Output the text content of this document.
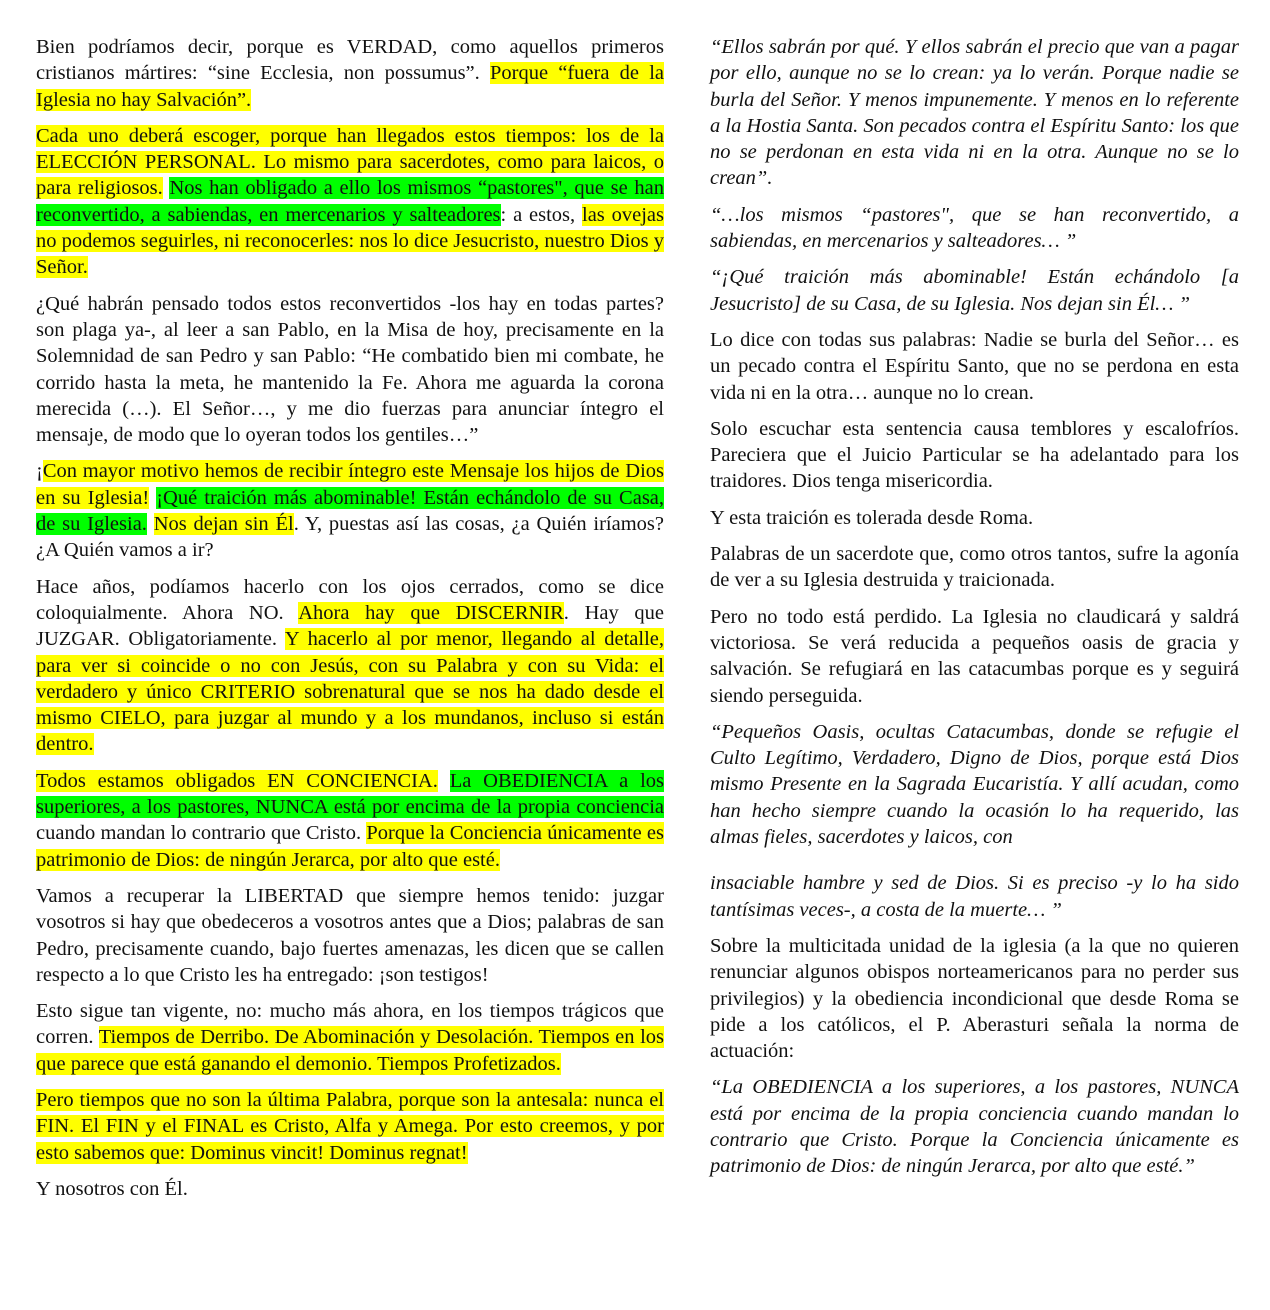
Bien podríamos decir, porque es VERDAD, como aquellos primeros cristianos mártires: “sine Ecclesia, non possumus”. Porque “fuera de la Iglesia no hay Salvación”.

Cada uno deberá escoger, porque han llegados estos tiempos: los de la ELECCIÓN PERSONAL. Lo mismo para sacerdotes, como para laicos, o para religiosos. Nos han obligado a ello los mismos “pastores", que se han reconvertido, a sabiendas, en mercenarios y salteadores: a estos, las ovejas no podemos seguirles, ni reconocerles: nos lo dice Jesucristo, nuestro Dios y Señor.

¿Qué habrán pensado todos estos reconvertidos -los hay en todas partes? son plaga ya-, al leer a san Pablo, en la Misa de hoy, precisamente en la Solemnidad de san Pedro y san Pablo: “He combatido bien mi combate, he corrido hasta la meta, he mantenido la Fe. Ahora me aguarda la corona merecida (…). El Señor…, y me dio fuerzas para anunciar íntegro el mensaje, de modo que lo oyeran todos los gentiles…”

¡Con mayor motivo hemos de recibir íntegro este Mensaje los hijos de Dios en su Iglesia! ¡Qué traición más abominable! Están echándolo de su Casa, de su Iglesia. Nos dejan sin Él. Y, puestas así las cosas, ¿a Quién iríamos? ¿A Quién vamos a ir?

Hace años, podíamos hacerlo con los ojos cerrados, como se dice coloquialmente. Ahora NO. Ahora hay que DISCERNIR. Hay que JUZGAR. Obligatoriamente. Y hacerlo al por menor, llegando al detalle, para ver si coincide o no con Jesús, con su Palabra y con su Vida: el verdadero y único CRITERIO sobrenatural que se nos ha dado desde el mismo CIELO, para juzgar al mundo y a los mundanos, incluso si están dentro.

Todos estamos obligados EN CONCIENCIA. La OBEDIENCIA a los superiores, a los pastores, NUNCA está por encima de la propia conciencia cuando mandan lo contrario que Cristo. Porque la Conciencia únicamente es patrimonio de Dios: de ningún Jerarca, por alto que esté.

Vamos a recuperar la LIBERTAD que siempre hemos tenido: juzgar vosotros si hay que obedeceros a vosotros antes que a Dios; palabras de san Pedro, precisamente cuando, bajo fuertes amenazas, les dicen que se callen respecto a lo que Cristo les ha entregado: ¡son testigos!

Esto sigue tan vigente, no: mucho más ahora, en los tiempos trágicos que corren. Tiempos de Derribo. De Abominación y Desolación. Tiempos en los que parece que está ganando el demonio. Tiempos Profetizados.

Pero tiempos que no son la última Palabra, porque son la antesala: nunca el FIN. El FIN y el FINAL es Cristo, Alfa y Amega. Por esto creemos, y por esto sabemos que: Dominus vincit! Dominus regnat!

Y nosotros con Él.

“Ellos sabrán por qué. Y ellos sabrán el precio que van a pagar por ello, aunque no se lo crean: ya lo verán. Porque nadie se burla del Señor. Y menos impunemente. Y menos en lo referente a la Hostia Santa. Son pecados contra el Espíritu Santo: los que no se perdonan en esta vida ni en la otra. Aunque no se lo crean”.

“…los mismos “pastores", que se han reconvertido, a sabiendas, en mercenarios y salteadores… ”

“¡Qué traición más abominable! Están echándolo [a Jesucristo] de su Casa, de su Iglesia. Nos dejan sin Él… ”

Lo dice con todas sus palabras: Nadie se burla del Señor… es un pecado contra el Espíritu Santo, que no se perdona en esta vida ni en la otra… aunque no lo crean.

Solo escuchar esta sentencia causa temblores y escalofríos. Pareciera que el Juicio Particular se ha adelantado para los traidores. Dios tenga misericordia.

Y esta traición es tolerada desde Roma.

Palabras de un sacerdote que, como otros tantos, sufre la agonía de ver a su Iglesia destruida y traicionada.

Pero no todo está perdido. La Iglesia no claudicará y saldrá victoriosa. Se verá reducida a pequeños oasis de gracia y salvación. Se refugiará en las catacumbas porque es y seguirá siendo perseguida.

“Pequeños Oasis, ocultas Catacumbas, donde se refugie el Culto Legítimo, Verdadero, Digno de Dios, porque está Dios mismo Presente en la Sagrada Eucaristía. Y allí acudan, como han hecho siempre cuando la ocasión lo ha requerido, las almas fieles, sacerdotes y laicos, con

insaciable hambre y sed de Dios. Si es preciso -y lo ha sido tantísimas veces-, a costa de la muerte… ”

Sobre la multicitada unidad de la iglesia (a la que no quieren renunciar algunos obispos norteamericanos para no perder sus privilegios) y la obediencia incondicional que desde Roma se pide a los católicos, el P. Aberasturi señala la norma de actuación:

“La OBEDIENCIA a los superiores, a los pastores, NUNCA está por encima de la propia conciencia cuando mandan lo contrario que Cristo. Porque la Conciencia únicamente es patrimonio de Dios: de ningún Jerarca, por alto que esté.”
